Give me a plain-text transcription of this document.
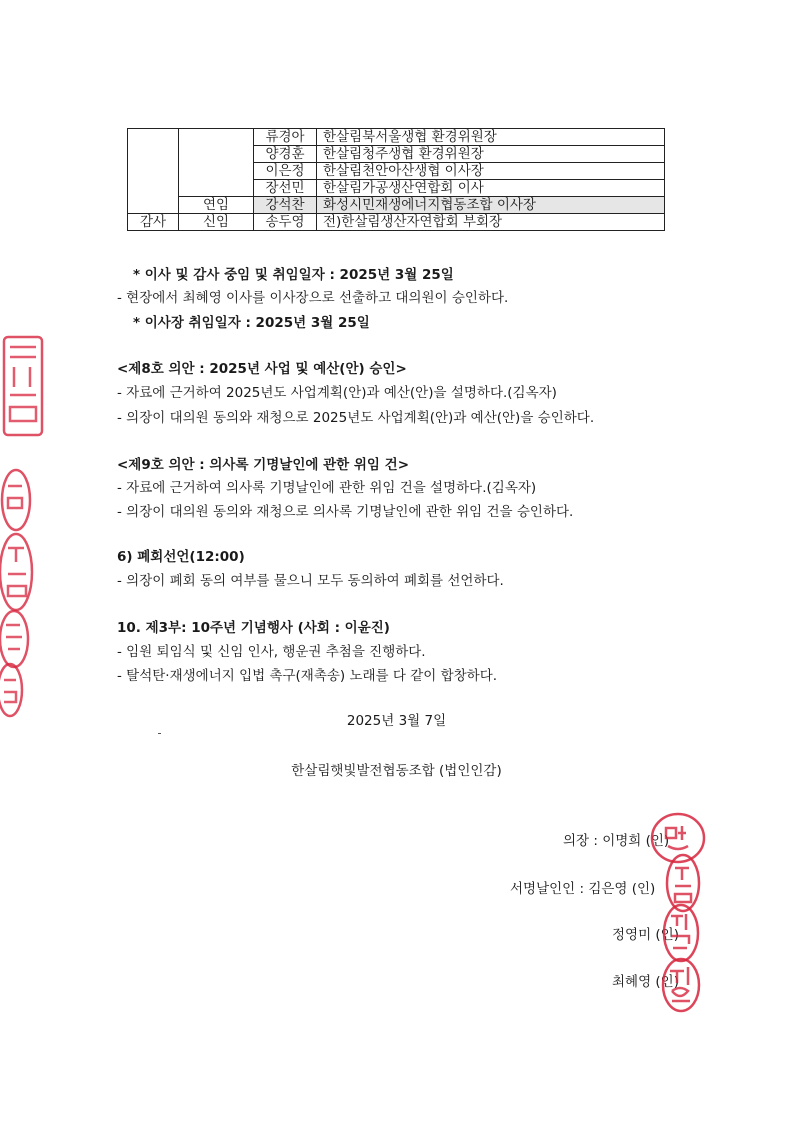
		류경아	한살림북서울생협 환경위원장
		양경훈	한살림청주생협 환경위원장
		이은정	한살림천안아산생협 이사장
		장선민	한살림가공생산연합회 이사
	연임	강석찬	화성시민재생에너지협동조합 이사장
감사	신임	송두영	전)한살림생산자연합회 부회장
* 이사 및 감사 중임 및 취임일자 : 2025년 3월 25일
- 현장에서 최혜영 이사를 이사장으로 선출하고 대의원이 승인하다.
* 이사장 취임일자 : 2025년 3월 25일
<제8호 의안 : 2025년 사업 및 예산(안) 승인>
- 자료에 근거하여 2025년도 사업계획(안)과 예산(안)을 설명하다.(김옥자)
- 의장이 대의원 동의와 재청으로 2025년도 사업계획(안)과 예산(안)을 승인하다.
<제9호 의안 : 의사록 기명날인에 관한 위임 건>
- 자료에 근거하여 의사록 기명날인에 관한 위임 건을 설명하다.(김옥자)
- 의장이 대의원 동의와 재청으로 의사록 기명날인에 관한 위임 건을 승인하다.
6) 폐회선언(12:00)
- 의장이 폐회 동의 여부를 물으니 모두 동의하여 폐회를 선언하다.
10. 제3부: 10주년 기념행사 (사회 : 이윤진)
- 임원 퇴임식 및 신임 인사, 행운권 추첨을 진행하다.
- 탈석탄·재생에너지 입법 촉구(재촉송) 노래를 다 같이 합창하다.
2025년 3월 7일
한살림햇빛발전협동조합 (법인인감)
의장 : 이명희 (인)
서명날인인 : 김은영 (인)
정영미 (인)
최혜영 (인)
